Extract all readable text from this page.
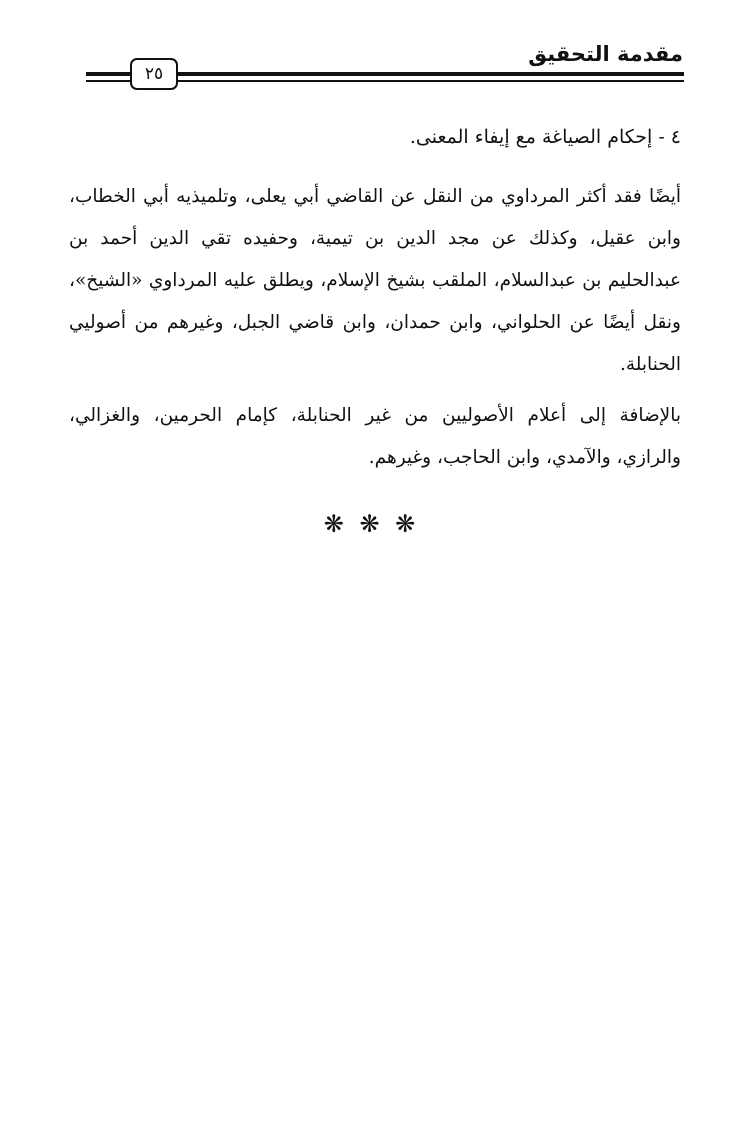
مقدمة التحقيق
٢٥
٤ - إحكام الصياغة مع إيفاء المعنى.

أيضًا فقد أكثر المرداوي من النقل عن القاضي أبي يعلى، وتلميذيه أبي الخطاب، وابن عقيل، وكذلك عن مجد الدين بن تيمية، وحفيده تقي الدين أحمد بن عبدالحليم بن عبدالسلام، الملقب بشيخ الإسلام، ويطلق عليه المرداوي «الشيخ»، ونقل أيضًا عن الحلواني، وابن حمدان، وابن قاضي الجبل، وغيرهم من أصوليي الحنابلة.

بالإضافة إلى أعلام الأصوليين من غير الحنابلة، كإمام الحرمين، والغزالي، والرازي، والآمدي، وابن الحاجب، وغيرهم.

❋ ❋ ❋
